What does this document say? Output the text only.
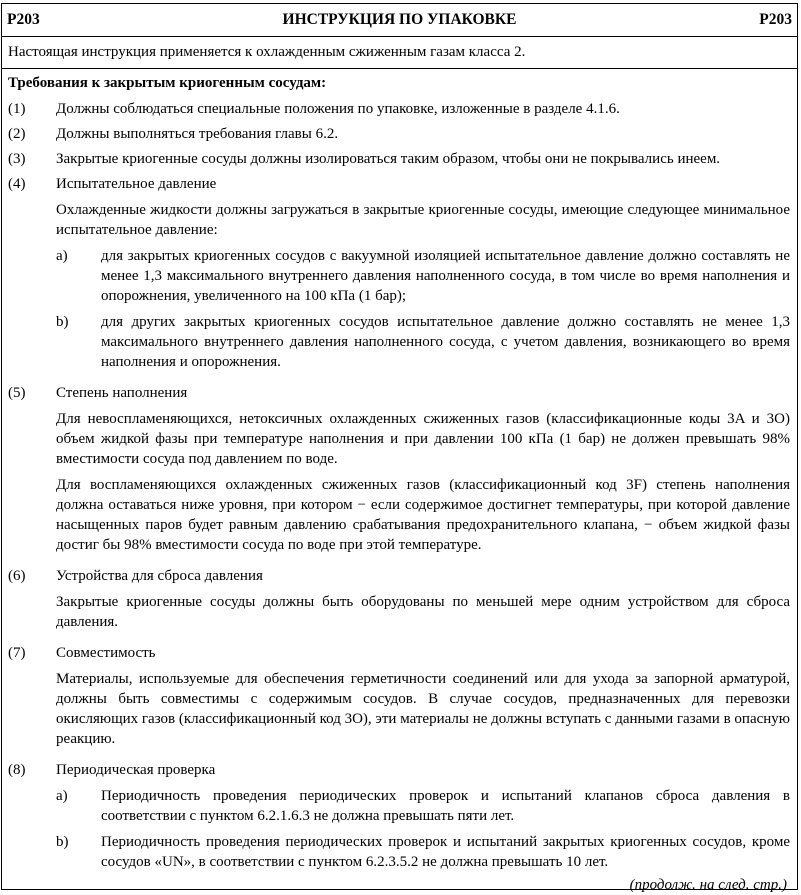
P203	ИНСТРУКЦИЯ ПО УПАКОВКЕ	P203
Настоящая инструкция применяется к охлажденным сжиженным газам класса 2.
Требования к закрытым криогенным сосудам:
(1)	Должны соблюдаться специальные положения по упаковке, изложенные в разделе 4.1.6.
(2)	Должны выполняться требования главы 6.2.
(3)	Закрытые криогенные сосуды должны изолироваться таким образом, чтобы они не покрывались инеем.
(4)	Испытательное давление
Охлажденные жидкости должны загружаться в закрытые криогенные сосуды, имеющие следующее минимальное испытательное давление:
a)	для закрытых криогенных сосудов с вакуумной изоляцией испытательное давление должно составлять не менее 1,3 максимального внутреннего давления наполненного сосуда, в том числе во время наполнения и опорожнения, увеличенного на 100 кПа (1 бар);
b)	для других закрытых криогенных сосудов испытательное давление должно составлять не менее 1,3 максимального внутреннего давления наполненного сосуда, с учетом давления, возникающего во время наполнения и опорожнения.
(5)	Степень наполнения
Для невоспламеняющихся, нетоксичных охлажденных сжиженных газов (классификационные коды 3A и 3O) объем жидкой фазы при температуре наполнения и при давлении 100 кПа (1 бар) не должен превышать 98% вместимости сосуда под давлением по воде.
Для воспламеняющихся охлажденных сжиженных газов (классификационный код 3F) степень наполнения должна оставаться ниже уровня, при котором − если содержимое достигнет температуры, при которой давление насыщенных паров будет равным давлению срабатывания предохранительного клапана, − объем жидкой фазы достиг бы 98% вместимости сосуда по воде при этой температуре.
(6)	Устройства для сброса давления
Закрытые криогенные сосуды должны быть оборудованы по меньшей мере одним устройством для сброса давления.
(7)	Совместимость
Материалы, используемые для обеспечения герметичности соединений или для ухода за запорной арматурой, должны быть совместимы с содержимым сосудов. В случае сосудов, предназначенных для перевозки окисляющих газов (классификационный код 3O), эти материалы не должны вступать с данными газами в опасную реакцию.
(8)	Периодическая проверка
a)	Периодичность проведения периодических проверок и испытаний клапанов сброса давления в соответствии с пунктом 6.2.1.6.3 не должна превышать пяти лет.
b)	Периодичность проведения периодических проверок и испытаний закрытых криогенных сосудов, кроме сосудов «UN», в соответствии с пунктом 6.2.3.5.2 не должна превышать 10 лет.
(продолж. на след. стр.)
